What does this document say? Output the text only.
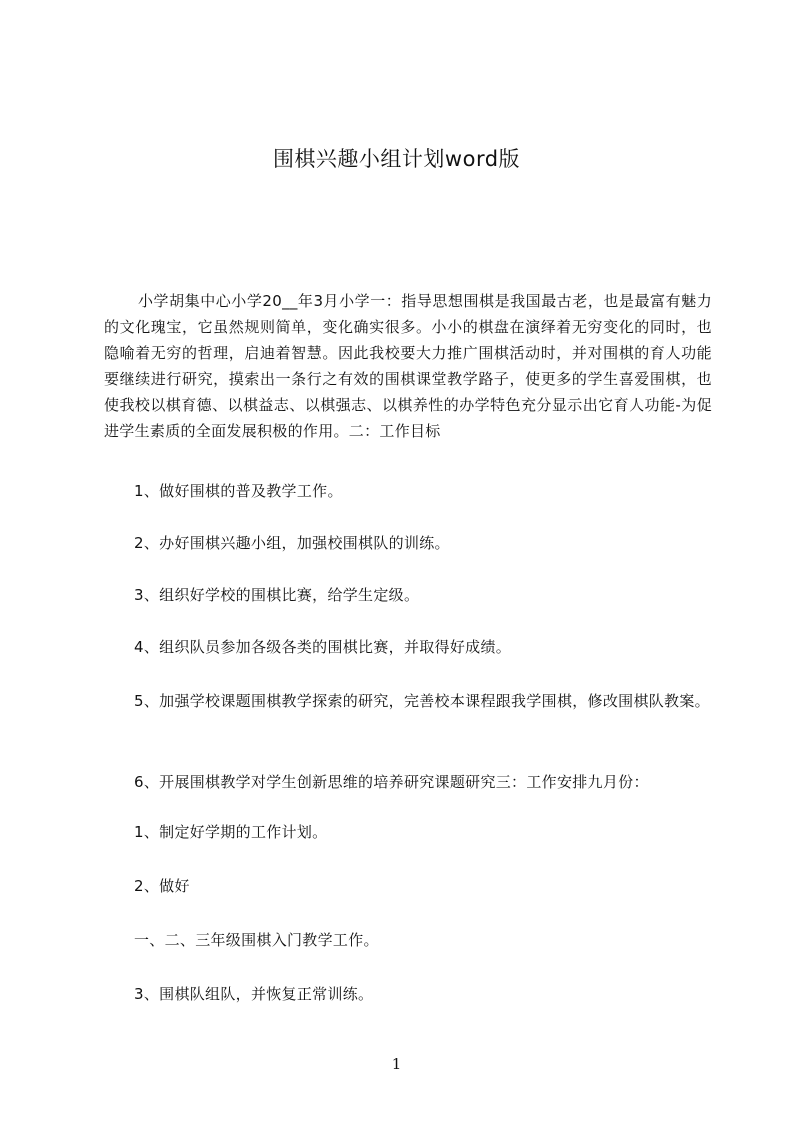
围棋兴趣小组计划word版
小学胡集中心小学20__年3月小学一：指导思想围棋是我国最古老，也是最富有魅力的文化瑰宝，它虽然规则简单，变化确实很多。小小的棋盘在演绎着无穷变化的同时，也隐喻着无穷的哲理，启迪着智慧。因此我校要大力推广围棋活动时，并对围棋的育人功能要继续进行研究，摸索出一条行之有效的围棋课堂教学路子，使更多的学生喜爱围棋，也使我校以棋育德、以棋益志、以棋强志、以棋养性的办学特色充分显示出它育人功能-为促进学生素质的全面发展积极的作用。二：工作目标
1、做好围棋的普及教学工作。
2、办好围棋兴趣小组，加强校围棋队的训练。
3、组织好学校的围棋比赛，给学生定级。
4、组织队员参加各级各类的围棋比赛，并取得好成绩。
5、加强学校课题围棋教学探索的研究，完善校本课程跟我学围棋，修改围棋队教案。
6、开展围棋教学对学生创新思维的培养研究课题研究三：工作安排九月份：
1、制定好学期的工作计划。
2、做好
一、二、三年级围棋入门教学工作。
3、围棋队组队，并恢复正常训练。
1
